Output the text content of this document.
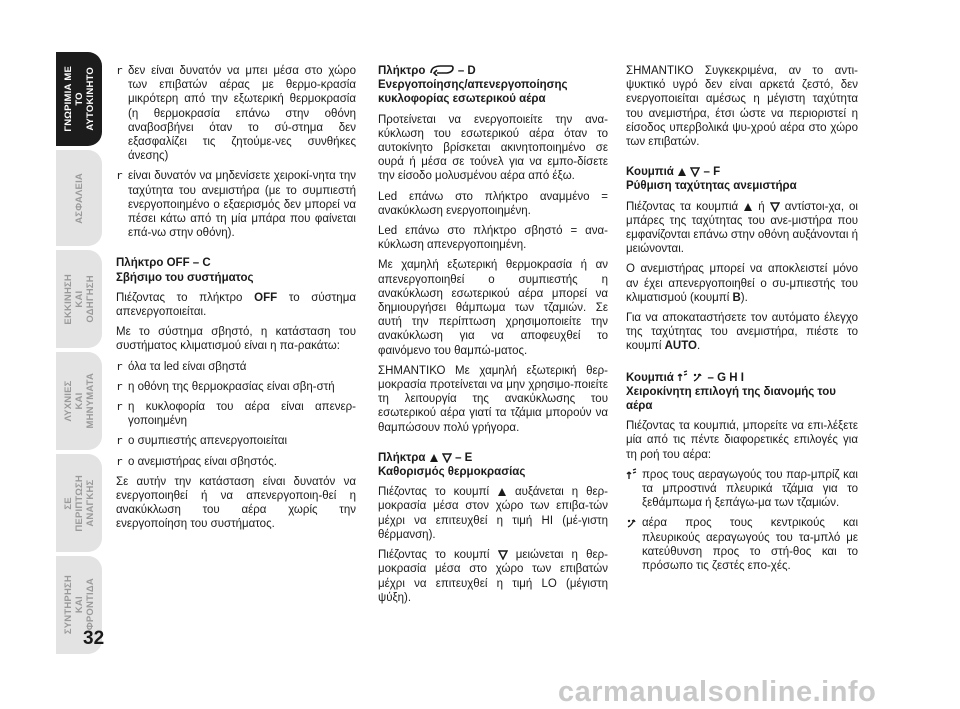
ΓΝΩΡΙΜΙΑ ΜΕ
ΤΟ
ΑΥΤΟΚΙΝΗΤΟ
ΑΣΦΑΛΕΙΑ
ΕΚΚΙΝΗΣΗ
ΚΑΙ
ΟΔΗΓΗΣΗ
ΛΥΧΝΙΕΣ
ΚΑΙ
ΜΗΝΥΜΑΤΑ
ΣΕ
ΠΕΡΙΠΤΩΣΗ
ΑΝΑΓΚΗΣ
ΣΥΝΤΗΡΗΣΗ
ΚΑΙ
ΦΡΟΝΤΙΔΑ
32
r δεν είναι δυνατόν να μπει μέσα στο χώρο των επιβατών αέρας με θερμο-κρασία μικρότερη από την εξωτερική θερμοκρασία (η θερμοκρασία επάνω στην οθόνη αναβοσβήνει όταν το σύ-στημα δεν εξασφαλίζει τις ζητούμε-νες συνθήκες άνεσης)
r είναι δυνατόν να μηδενίσετε χειροκί-νητα την ταχύτητα του ανεμιστήρα (με το συμπιεστή ενεργοποιημένο ο εξαερισμός δεν μπορεί να πέσει κάτω από τη μία μπάρα που φαίνεται επά-νω στην οθόνη).
Πλήκτρο OFF – C
Σβήσιμο του συστήματος

Πιέζοντας το πλήκτρο OFF το σύστημα απενεργοποιείται.

Με το σύστημα σβηστό, η κατάσταση του συστήματος κλιματισμού είναι η πα-ρακάτω:

r όλα τα led είναι σβηστά
r η οθόνη της θερμοκρασίας είναι σβη-στή
r η κυκλοφορία του αέρα είναι απενερ-γοποιημένη
r ο συμπιεστής απενεργοποιείται
r ο ανεμιστήρας είναι σβηστός.

Σε αυτήν την κατάσταση είναι δυνατόν να ενεργοποιηθεί ή να απενεργοποιη-θεί η ανακύκλωση του αέρα χωρίς την ενεργοποίηση του συστήματος.

Πλήκτρο	– D
Ενεργοποίησης/απενεργοποίησης κυκλοφορίας εσωτερικού αέρα

Προτείνεται να ενεργοποιείτε την ανα-κύκλωση του εσωτερικού αέρα όταν το αυτοκίνητο βρίσκεται ακινητοποιημένο σε ουρά ή μέσα σε τούνελ για να εμπο-δίσετε την είσοδο μολυσμένου αέρα από έξω.

Led επάνω στο πλήκτρο αναμμένο = ανακύκλωση ενεργοποιημένη.

Led επάνω στο πλήκτρο σβηστό = ανα-κύκλωση απενεργοποιημένη.

Με χαμηλή εξωτερική θερμοκρασία ή αν απενεργοποιηθεί ο συμπιεστής η ανακύκλωση εσωτερικού αέρα μπορεί να δημιουργήσει θάμπωμα των τζαμιών. Σε αυτή την περίπτωση χρησιμοποιείτε την ανακύκλωση για να αποφευχθεί το φαινόμενο του θαμπώ-ματος.

ΣΗΜΑΝΤΙΚΟ Με χαμηλή εξωτερική θερ-μοκρασία προτείνεται να μην χρησιμο-ποιείτε τη λειτουργία της ανακύκλωσης του εσωτερικού αέρα γιατί τα τζάμια μπορούν να θαμπώσουν πολύ γρήγορα.

Πλήκτρα	– E
Καθορισμός θερμοκρασίας

Πιέζοντας το κουμπί αυξάνεται η θερ-μοκρασία μέσα στον χώρο των επιβα-τών μέχρι να επιτευχθεί η τιμή HI (μέ-γιστη θέρμανση).

Πιέζοντας το κουμπί μειώνεται η θερ-μοκρασία μέσα στο χώρο των επιβατών μέχρι να επιτευχθεί η τιμή LO (μέγιστη ψύξη).

ΣΗΜΑΝΤΙΚΟ Συγκεκριμένα, αν το αντι-ψυκτικό υγρό δεν είναι αρκετά ζεστό, δεν ενεργοποιείται αμέσως η μέγιστη ταχύτητα του ανεμιστήρα, έτσι ώστε να περιοριστεί η είσοδος υπερβολικά ψυ-χρού αέρα στο χώρο των επιβατών.

Κουμπιά	– F
Ρύθμιση ταχύτητας ανεμιστήρα

Πιέζοντας τα κουμπιά ή αντίστοι-χα, οι μπάρες της ταχύτητας του ανε-μιστήρα που εμφανίζονται επάνω στην οθόνη αυξάνονται ή μειώνονται.

Ο ανεμιστήρας μπορεί να αποκλειστεί μόνο αν έχει απενεργοποιηθεί ο συ-μπιεστής του κλιματισμού (κουμπί B).

Για να αποκαταστήσετε τον αυτόματο έλεγχο της ταχύτητας του ανεμιστήρα, πιέστε το κουμπί AUTO.

Κουμπιά	– G H I
Χειροκίνητη επιλογή της διανομής του αέρα

Πιέζοντας τα κουμπιά, μπορείτε να επι-λέξετε μία από τις πέντε διαφορετικές επιλογές για τη ροή του αέρα:

προς τους αεραγωγούς του παρ-μπρίζ και τα μπροστινά πλευρικά τζάμια για το ξεθάμπωμα ή ξεπάγω-μα των τζαμιών.
αέρα προς τους κεντρικούς και πλευρικούς αεραγωγούς του τα-μπλό με κατεύθυνση προς το στή-θος και το πρόσωπο τις ζεστές επο-χές.
carmanualsonline.info
